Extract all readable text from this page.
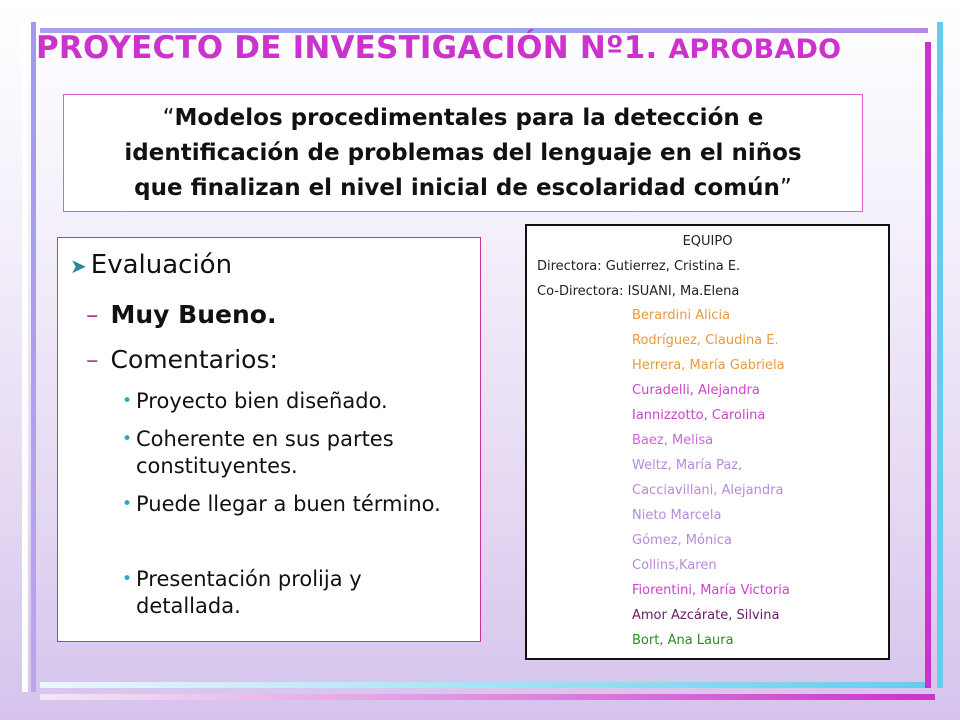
PROYECTO DE INVESTIGACIÓN Nº1. APROBADO
“Modelos procedimentales para la detección e
identificación de problemas del lenguaje en el niños
que finalizan el nivel inicial de escolaridad común”
➤ Evaluación
– Muy Bueno.
– Comentarios:
• Proyecto bien diseñado.
• Coherente en sus partes constituyentes.
• Puede llegar a buen término.
• Presentación prolija y detallada.
EQUIPO
Directora: Gutierrez, Cristina E.
Co-Directora: ISUANI, Ma.Elena
Berardini Alicia
Rodríguez, Claudina E.
Herrera, María Gabriela
Curadelli, Alejandra
Iannizzotto, Carolina
Baez, Melisa
Weltz, María Paz,
Cacciavillani, Alejandra
Nieto Marcela
Gómez, Mónica
Collins,Karen
Fiorentini, María Victoria
Amor Azcárate, Silvina
Bort, Ana Laura
